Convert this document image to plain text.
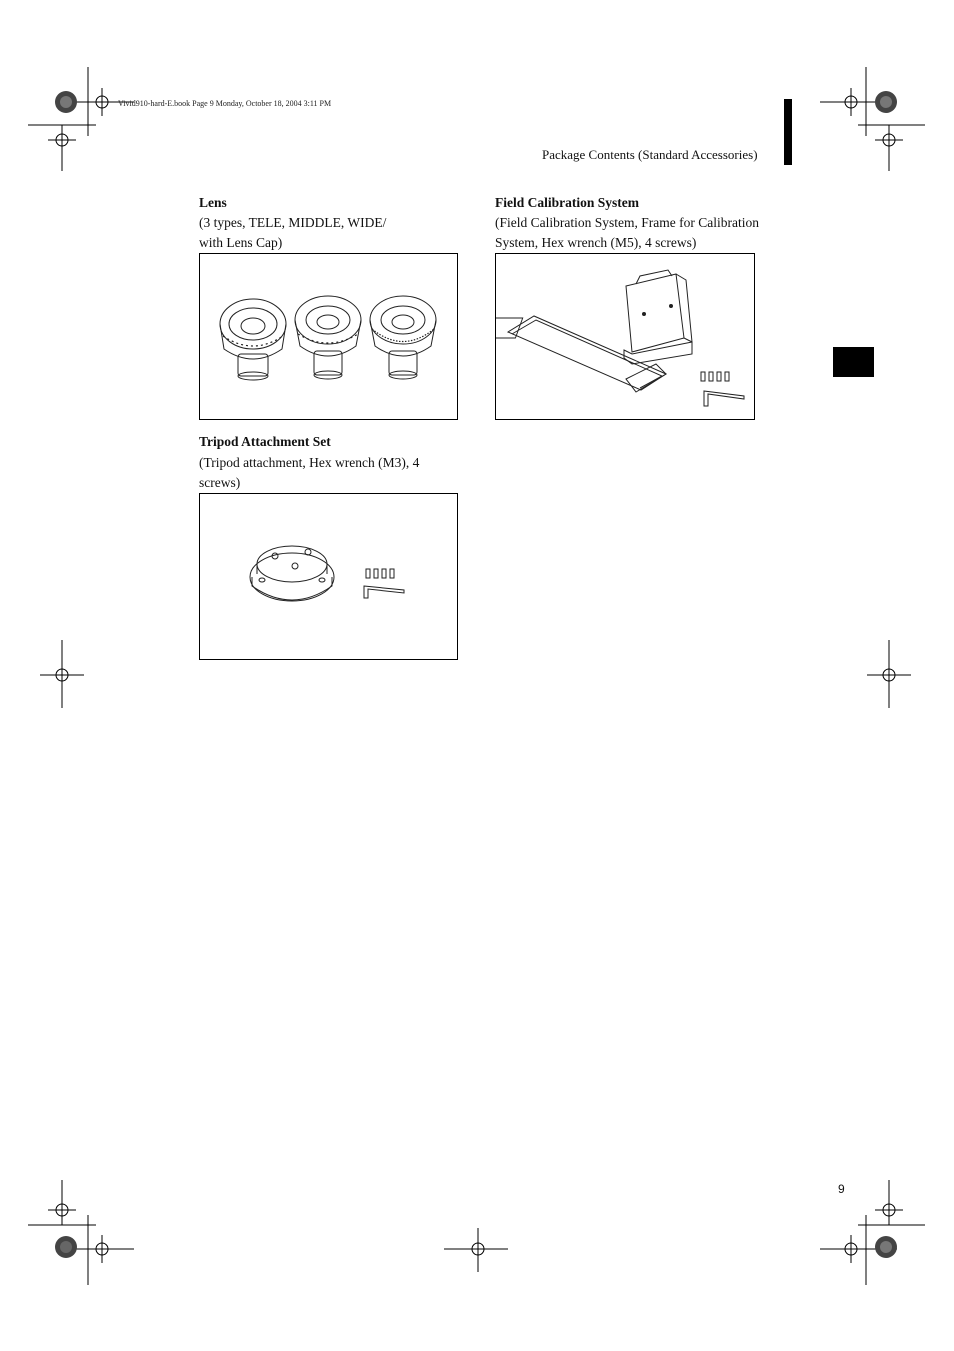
Vivid910-hard-E.book Page 9 Monday, October 18, 2004 3:11 PM
Package Contents (Standard Accessories)
Lens
(3 types, TELE, MIDDLE, WIDE/
with Lens Cap)
Field Calibration System
(Field Calibration System, Frame for Calibration
System, Hex wrench (M5), 4 screws)
Tripod Attachment Set
(Tripod attachment, Hex wrench (M3), 4
screws)
9
